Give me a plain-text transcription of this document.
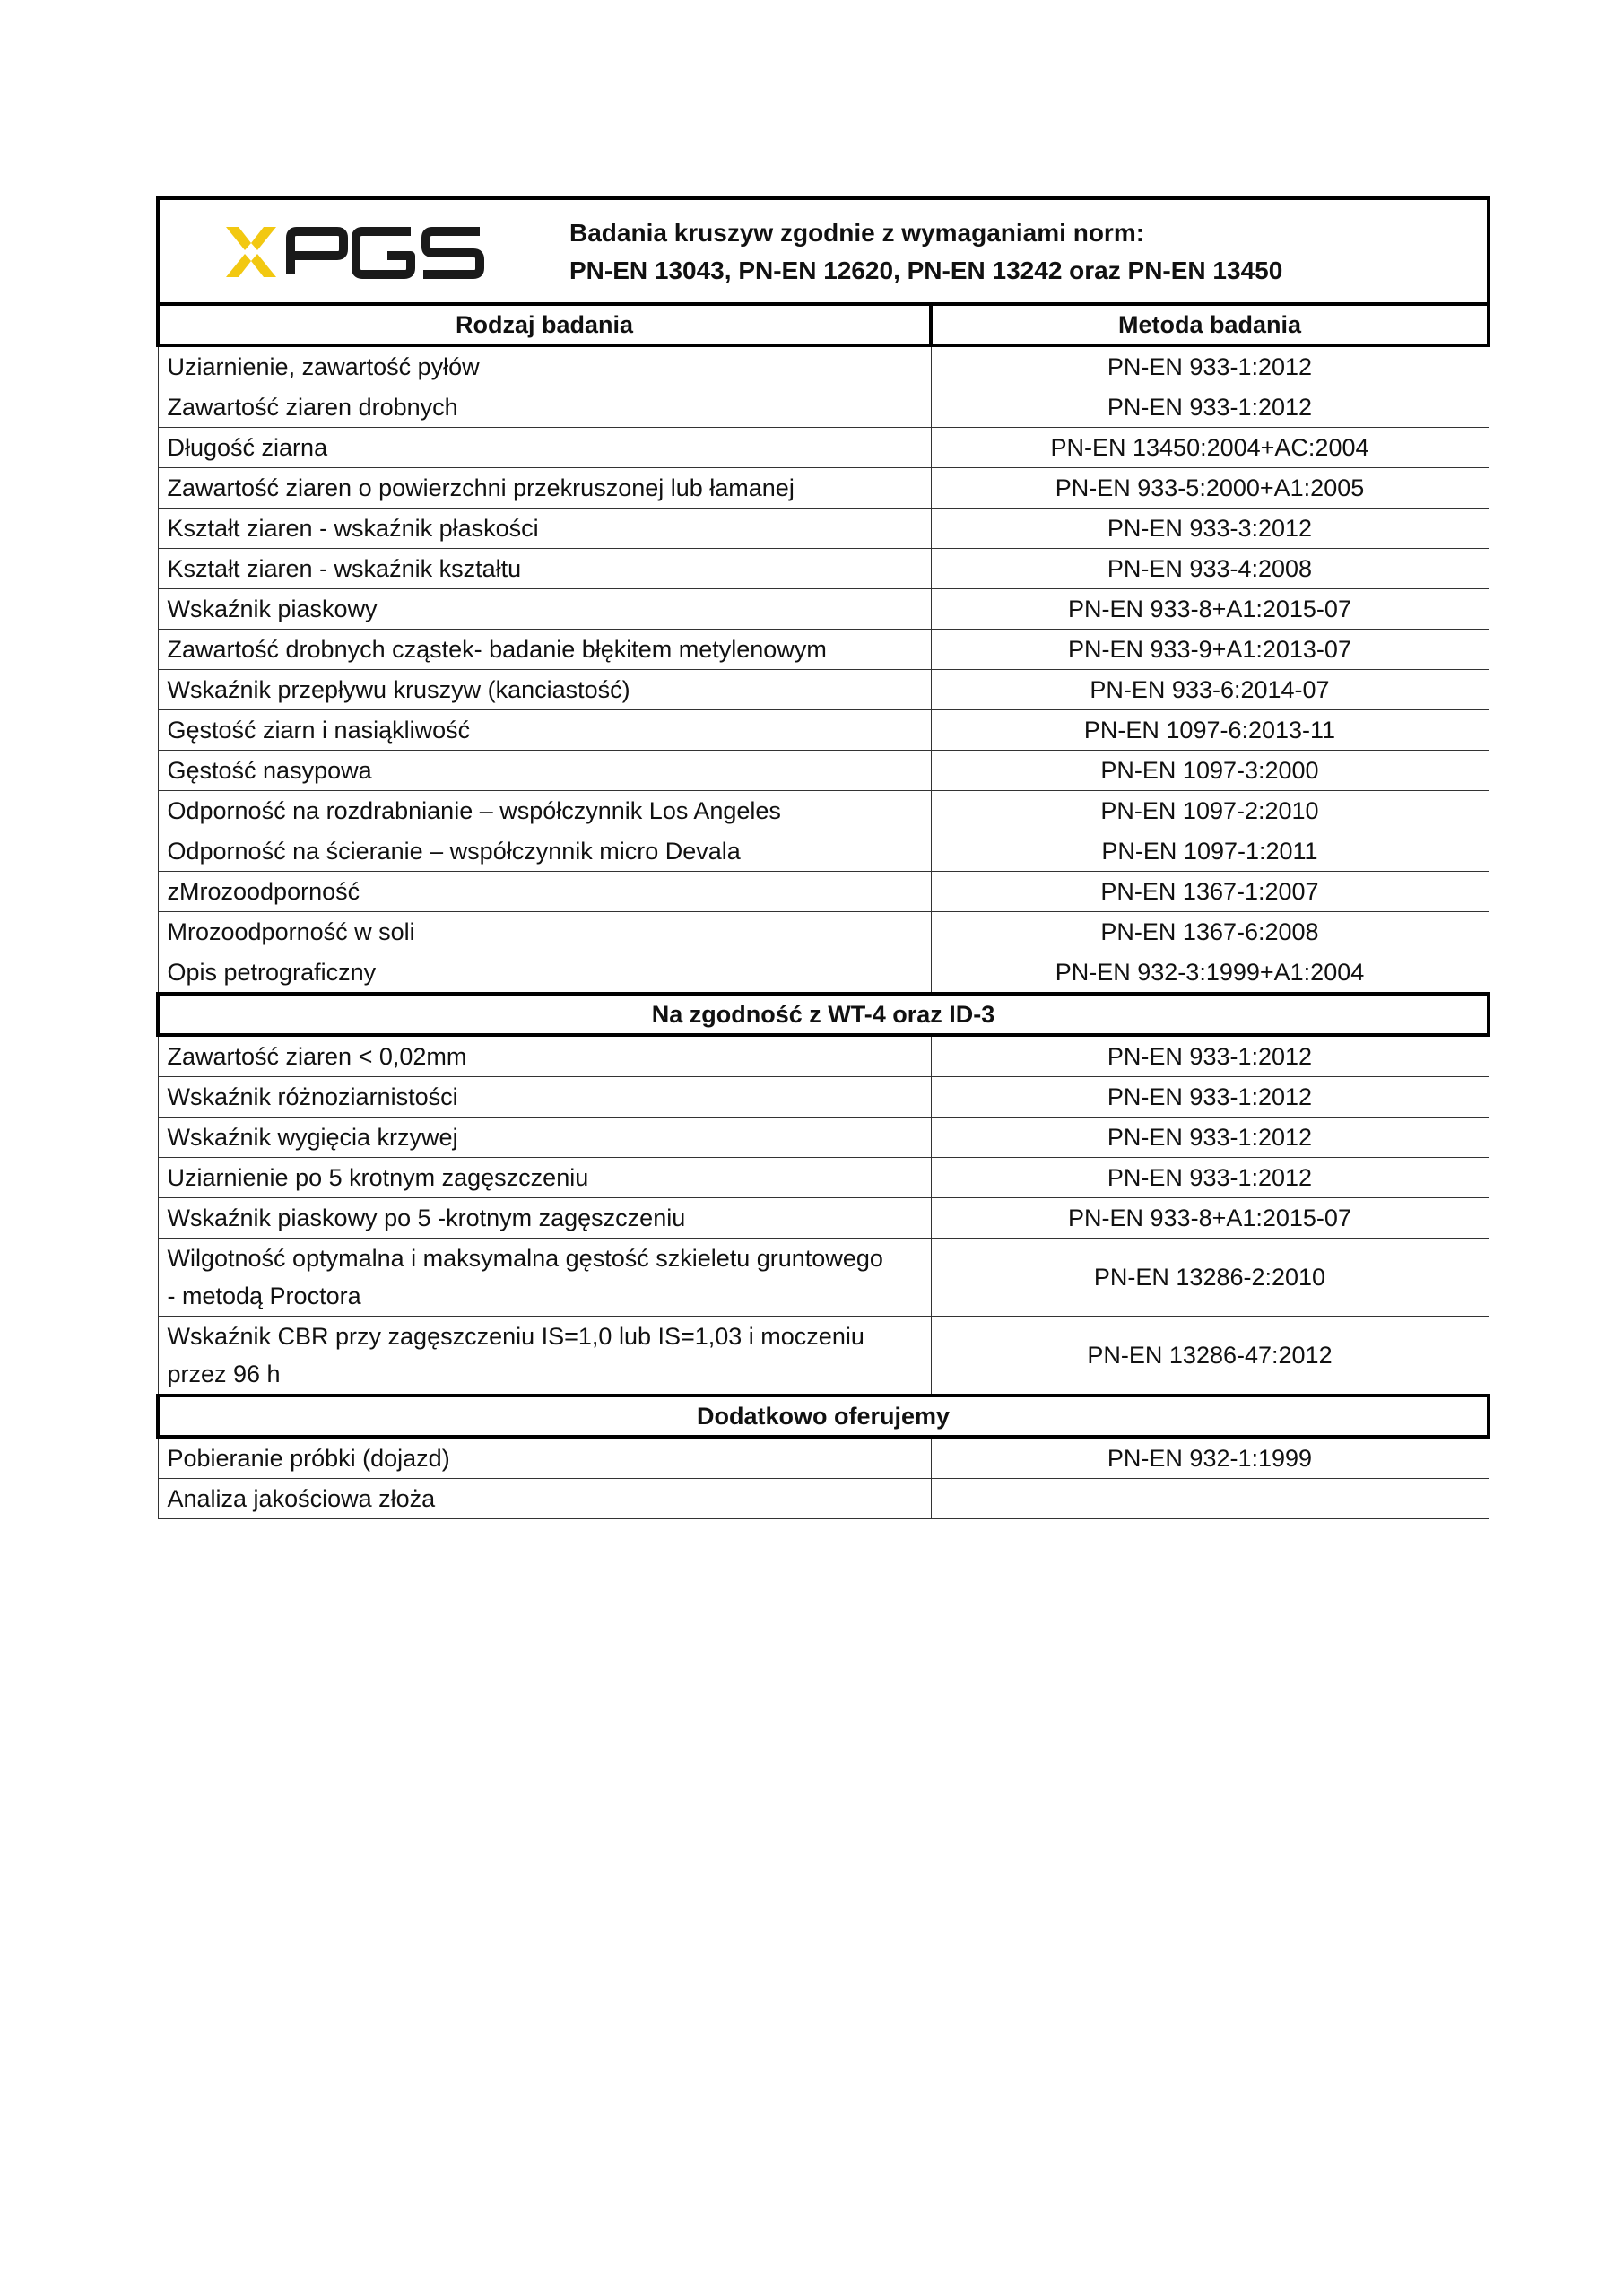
Badania kruszyw zgodnie z wymaganiami norm:
PN-EN 13043, PN-EN 12620, PN-EN 13242 oraz PN-EN 13450	

Rodzaj badania	Metoda badania
Uziarnienie, zawartość pyłów	PN-EN 933-1:2012
Zawartość ziaren drobnych	PN-EN 933-1:2012
Długość ziarna	PN-EN 13450:2004+AC:2004
Zawartość ziaren o powierzchni przekruszonej lub łamanej	PN-EN 933-5:2000+A1:2005
Kształt ziaren - wskaźnik płaskości	PN-EN 933-3:2012
Kształt ziaren - wskaźnik kształtu	PN-EN 933-4:2008
Wskaźnik piaskowy	PN-EN 933-8+A1:2015-07
Zawartość drobnych cząstek- badanie błękitem metylenowym	PN-EN 933-9+A1:2013-07
Wskaźnik przepływu kruszyw (kanciastość)	PN-EN 933-6:2014-07
Gęstość ziarn i nasiąkliwość	PN-EN 1097-6:2013-11
Gęstość nasypowa	PN-EN 1097-3:2000
Odporność na rozdrabnianie – współczynnik Los Angeles	PN-EN 1097-2:2010
Odporność na ścieranie – współczynnik micro Devala	PN-EN 1097-1:2011
zMrozoodporność	PN-EN 1367-1:2007
Mrozoodporność w soli	PN-EN 1367-6:2008
Opis petrograficzny	PN-EN 932-3:1999+A1:2004
Na zgodność z WT-4 oraz ID-3	
Zawartość ziaren < 0,02mm	PN-EN 933-1:2012
Wskaźnik różnoziarnistości	PN-EN 933-1:2012
Wskaźnik wygięcia krzywej	PN-EN 933-1:2012
Uziarnienie po 5 krotnym zagęszczeniu	PN-EN 933-1:2012
Wskaźnik piaskowy po 5 -krotnym zagęszczeniu	PN-EN 933-8+A1:2015-07

Wilgotność optymalna i maksymalna gęstość szkieletu gruntowego
- metodą Proctora	PN-EN 13286-2:2010

Wskaźnik CBR przy zagęszczeniu IS=1,0 lub IS=1,03 i moczeniu
przez 96 h	PN-EN 13286-47:2012
Dodatkowo oferujemy	
Pobieranie próbki (dojazd)	PN-EN 932-1:1999
Analiza jakościowa złoża	
